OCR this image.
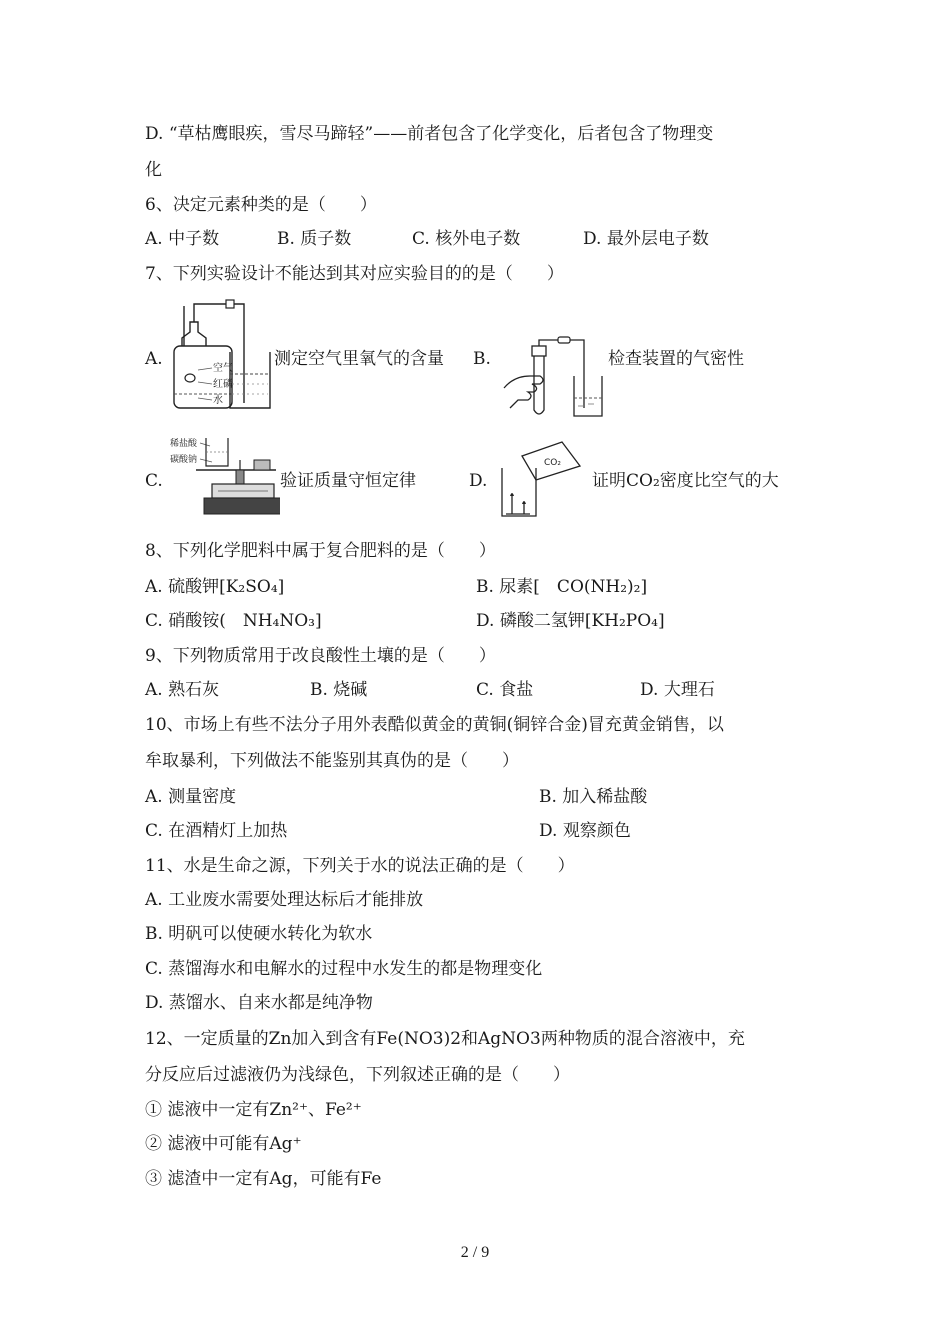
D. “草枯鹰眼疾，雪尽马蹄轻”——前者包含了化学变化，后者包含了物理变
化
6、决定元素种类的是（　　）
A. 中子数	B. 质子数	C. 核外电子数	D. 最外层电子数
7、下列实验设计不能达到其对应实验目的的是（　　）
A.	空气
红磷
水
测定空气里氧气的含量 B.	检查装置的气密性
C.
稀盐酸
碳酸钠
验证质量守恒定律	D.
CO₂
证明CO₂密度比空气的大
8、下列化学肥料中属于复合肥料的是（　　）
A. 硫酸钾[K₂SO₄]	B. 尿素[　CO(NH₂)₂]
C. 硝酸铵(　NH₄NO₃]	D. 磷酸二氢钾[KH₂PO₄]
9、下列物质常用于改良酸性土壤的是（　　）
A. 熟石灰	B. 烧碱	C. 食盐	D. 大理石
10、市场上有些不法分子用外表酷似黄金的黄铜(铜锌合金)冒充黄金销售，以
牟取暴利，下列做法不能鉴别其真伪的是（　　）
A. 测量密度	B. 加入稀盐酸
C. 在酒精灯上加热	D. 观察颜色
11、水是生命之源，下列关于水的说法正确的是（　　）
A. 工业废水需要处理达标后才能排放
B. 明矾可以使硬水转化为软水
C. 蒸馏海水和电解水的过程中水发生的都是物理变化
D. 蒸馏水、自来水都是纯净物
12、一定质量的Zn加入到含有Fe(NO3)2和AgNO3两种物质的混合溶液中，充
分反应后过滤液仍为浅绿色，下列叙述正确的是（　　）
① 滤液中一定有Zn²⁺、Fe²⁺
② 滤液中可能有Ag⁺
③ 滤渣中一定有Ag，可能有Fe
2 / 9
